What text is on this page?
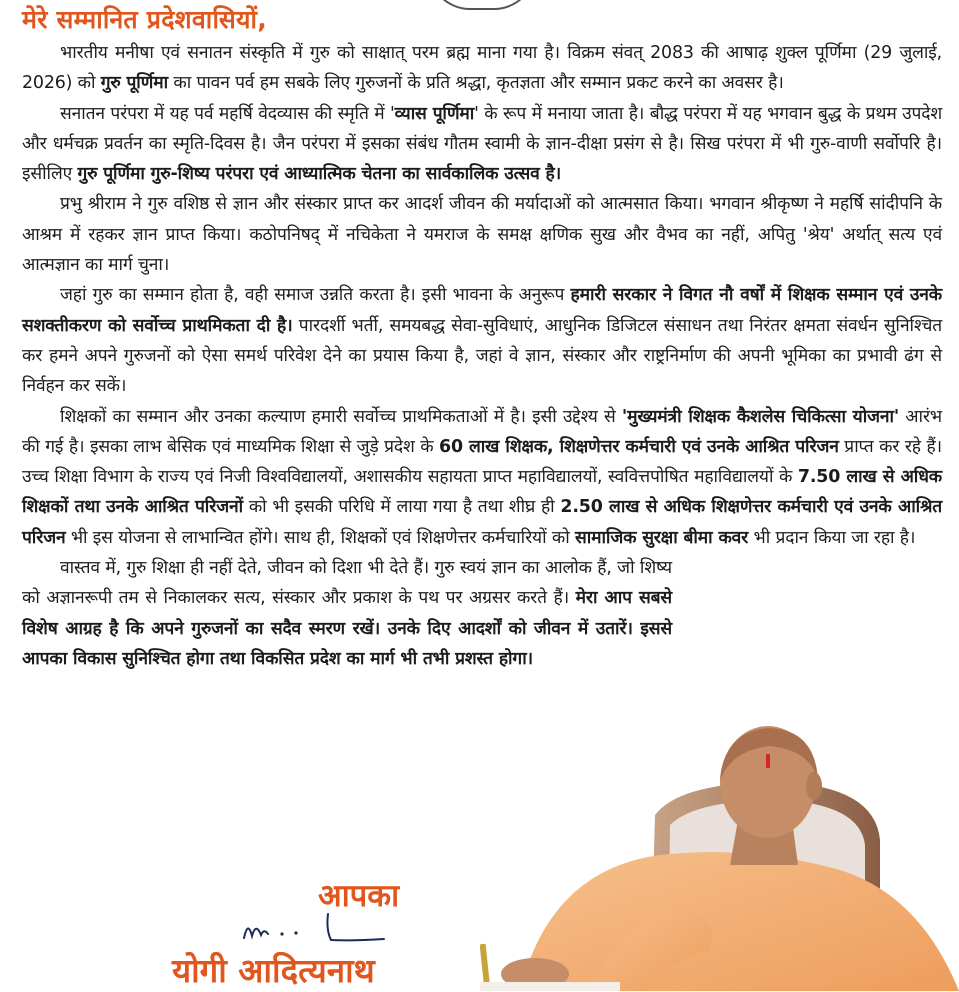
मेरे सम्मानित प्रदेशवासियों,

भारतीय मनीषा एवं सनातन संस्कृति में गुरु को साक्षात् परम ब्रह्म माना गया है। विक्रम संवत् 2083 की आषाढ़ शुक्ल पूर्णिमा (29 जुलाई, 2026) को गुरु पूर्णिमा का पावन पर्व हम सबके लिए गुरुजनों के प्रति श्रद्धा, कृतज्ञता और सम्मान प्रकट करने का अवसर है।

सनातन परंपरा में यह पर्व महर्षि वेदव्यास की स्मृति में 'व्यास पूर्णिमा' के रूप में मनाया जाता है। बौद्ध परंपरा में यह भगवान बुद्ध के प्रथम उपदेश और धर्मचक्र प्रवर्तन का स्मृति-दिवस है। जैन परंपरा में इसका संबंध गौतम स्वामी के ज्ञान-दीक्षा प्रसंग से है। सिख परंपरा में भी गुरु-वाणी सर्वोपरि है। इसीलिए गुरु पूर्णिमा गुरु-शिष्य परंपरा एवं आध्यात्मिक चेतना का सार्वकालिक उत्सव है।

प्रभु श्रीराम ने गुरु वशिष्ठ से ज्ञान और संस्कार प्राप्त कर आदर्श जीवन की मर्यादाओं को आत्मसात किया। भगवान श्रीकृष्ण ने महर्षि सांदीपनि के आश्रम में रहकर ज्ञान प्राप्त किया। कठोपनिषद् में नचिकेता ने यमराज के समक्ष क्षणिक सुख और वैभव का नहीं, अपितु 'श्रेय' अर्थात् सत्य एवं आत्मज्ञान का मार्ग चुना।

जहां गुरु का सम्मान होता है, वही समाज उन्नति करता है। इसी भावना के अनुरूप हमारी सरकार ने विगत नौ वर्षों में शिक्षक सम्मान एवं उनके सशक्तीकरण को सर्वोच्च प्राथमिकता दी है। पारदर्शी भर्ती, समयबद्ध सेवा-सुविधाएं, आधुनिक डिजिटल संसाधन तथा निरंतर क्षमता संवर्धन सुनिश्चित कर हमने अपने गुरुजनों को ऐसा समर्थ परिवेश देने का प्रयास किया है, जहां वे ज्ञान, संस्कार और राष्ट्रनिर्माण की अपनी भूमिका का प्रभावी ढंग से निर्वहन कर सकें।

शिक्षकों का सम्मान और उनका कल्याण हमारी सर्वोच्च प्राथमिकताओं में है। इसी उद्देश्य से 'मुख्यमंत्री शिक्षक कैशलेस चिकित्सा योजना' आरंभ की गई है। इसका लाभ बेसिक एवं माध्यमिक शिक्षा से जुड़े प्रदेश के 60 लाख शिक्षक, शिक्षणेत्तर कर्मचारी एवं उनके आश्रित परिजन प्राप्त कर रहे हैं। उच्च शिक्षा विभाग के राज्य एवं निजी विश्वविद्यालयों, अशासकीय सहायता प्राप्त महाविद्यालयों, स्ववित्तपोषित महाविद्यालयों के 7.50 लाख से अधिक शिक्षकों तथा उनके आश्रित परिजनों को भी इसकी परिधि में लाया गया है तथा शीघ्र ही 2.50 लाख से अधिक शिक्षणेत्तर कर्मचारी एवं उनके आश्रित परिजन भी इस योजना से लाभान्वित होंगे। साथ ही, शिक्षकों एवं शिक्षणेत्तर कर्मचारियों को सामाजिक सुरक्षा बीमा कवर भी प्रदान किया जा रहा है।

वास्तव में, गुरु शिक्षा ही नहीं देते, जीवन को दिशा भी देते हैं। गुरु स्वयं ज्ञान का आलोक हैं, जो शिष्य को अज्ञानरूपी तम से निकालकर सत्य, संस्कार और प्रकाश के पथ पर अग्रसर करते हैं। मेरा आप सबसे विशेष आग्रह है कि अपने गुरुजनों का सदैव स्मरण रखें। उनके दिए आदर्शों को जीवन में उतारें। इससे आपका विकास सुनिश्चित होगा तथा विकसित प्रदेश का मार्ग भी तभी प्रशस्त होगा।

आपका
योगी आदित्यनाथ
